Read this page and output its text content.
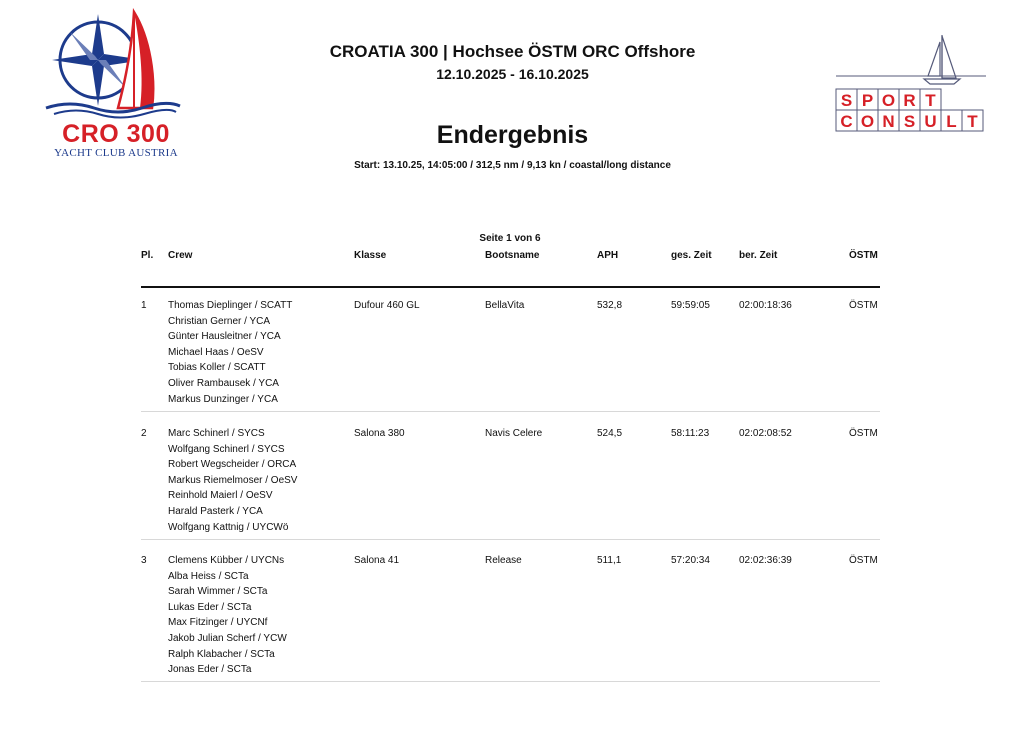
CRO 300
YACHT CLUB AUSTRIA
S P O R T
C O N S U L T
CROATIA 300 | Hochsee ÖSTM ORC Offshore
12.10.2025 - 16.10.2025
Endergebnis
Start: 13.10.25, 14:05:00 / 312,5 nm / 9,13 kn / coastal/long distance
Seite 1 von 6
Pl. Crew	Klasse	Bootsname	APH	ges. Zeit	ber. Zeit	ÖSTM
1 Thomas Dieplinger / SCATT
Christian Gerner / YCA
Günter Hausleitner / YCA
Michael Haas / OeSV
Tobias Koller / SCATT
Oliver Rambausek / YCA
Markus Dunzinger / YCA
Dufour 460 GL	BellaVita	532,8	59:59:05	02:00:18:36	ÖSTM
2 Marc Schinerl / SYCS
Wolfgang Schinerl / SYCS
Robert Wegscheider / ORCA
Markus Riemelmoser / OeSV
Reinhold Maierl / OeSV
Harald Pasterk / YCA
Wolfgang Kattnig / UYCWö
Salona 380	Navis Celere	524,5	58:11:23	02:02:08:52	ÖSTM
3 Clemens Kübber / UYCNs
Alba Heiss / SCTa
Sarah Wimmer / SCTa
Lukas Eder / SCTa
Max Fitzinger / UYCNf
Jakob Julian Scherf / YCW
Ralph Klabacher / SCTa
Jonas Eder / SCTa
Salona 41	Release	511,1	57:20:34	02:02:36:39	ÖSTM
